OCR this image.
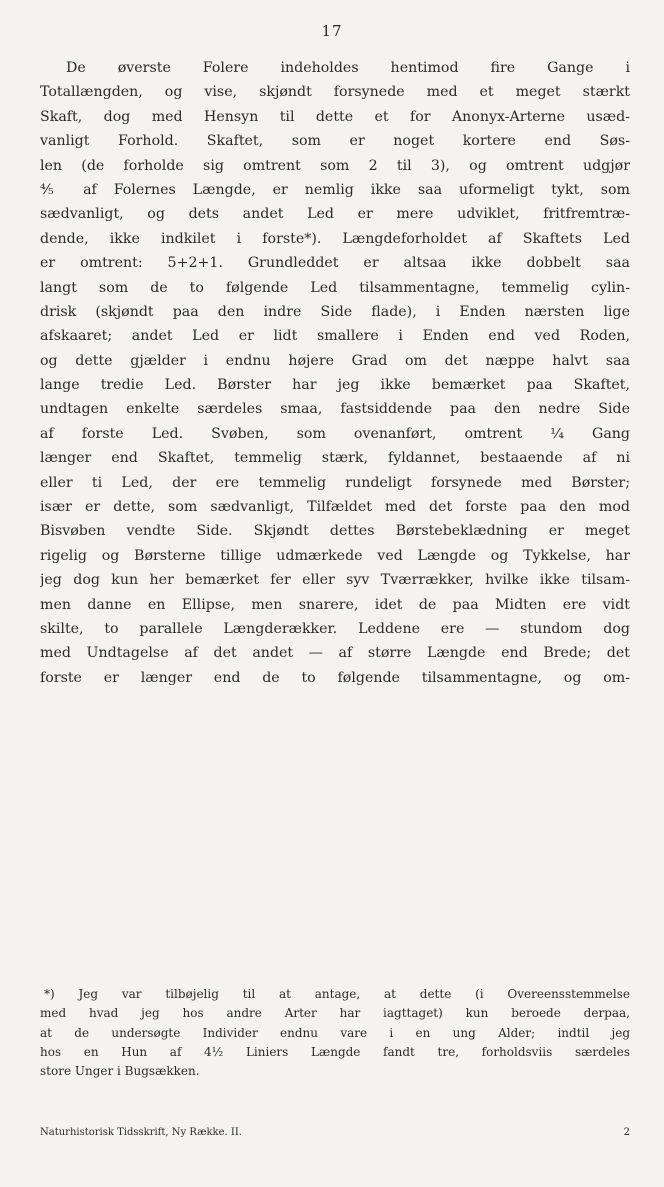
17
De øverste Folere indeholdes hentimod fire Gange i
Totallængden, og vise, skjøndt forsynede med et meget stærkt
Skaft, dog med Hensyn til dette et for Anonyx-Arterne usæd-
vanligt Forhold. Skaftet, som er noget kortere end Søs-
len (de forholde sig omtrent som 2 til 3), og omtrent udgjør
⅘ af Folernes Længde, er nemlig ikke saa uformeligt tykt, som
sædvanligt, og dets andet Led er mere udviklet, fritfremtræ-
dende, ikke indkilet i forste*). Længdeforholdet af Skaftets Led
er omtrent: 5+2+1. Grundleddet er altsaa ikke dobbelt saa
langt som de to følgende Led tilsammentagne, temmelig cylin-
drisk (skjøndt paa den indre Side flade), i Enden nærsten lige
afskaaret; andet Led er lidt smallere i Enden end ved Roden,
og dette gjælder i endnu højere Grad om det næppe halvt saa
lange tredie Led. Børster har jeg ikke bemærket paa Skaftet,
undtagen enkelte særdeles smaa, fastsiddende paa den nedre Side
af forste Led. Svøben, som ovenanført, omtrent ¼ Gang
længer end Skaftet, temmelig stærk, fyldannet, bestaaende af ni
eller ti Led, der ere temmelig rundeligt forsynede med Børster;
især er dette, som sædvanligt, Tilfældet med det forste paa den mod
Bisvøben vendte Side. Skjøndt dettes Børstebeklædning er meget
rigelig og Børsterne tillige udmærkede ved Længde og Tykkelse, har
jeg dog kun her bemærket fer eller syv Tværrækker, hvilke ikke tilsam-
men danne en Ellipse, men snarere, idet de paa Midten ere vidt
skilte, to parallele Længderækker. Leddene ere — stundom dog
med Undtagelse af det andet — af større Længde end Brede; det
forste er længer end de to følgende tilsammentagne, og om-
*) Jeg var tilbøjelig til at antage, at dette (i Overeensstemmelse
med hvad jeg hos andre Arter har iagttaget) kun beroede derpaa,
at de undersøgte Individer endnu vare i en ung Alder; indtil jeg
hos en Hun af 4½ Liniers Længde fandt tre, forholdsviis særdeles
store Unger i Bugsækken.
Naturhistorisk Tidsskrift, Ny Række. II.	2
